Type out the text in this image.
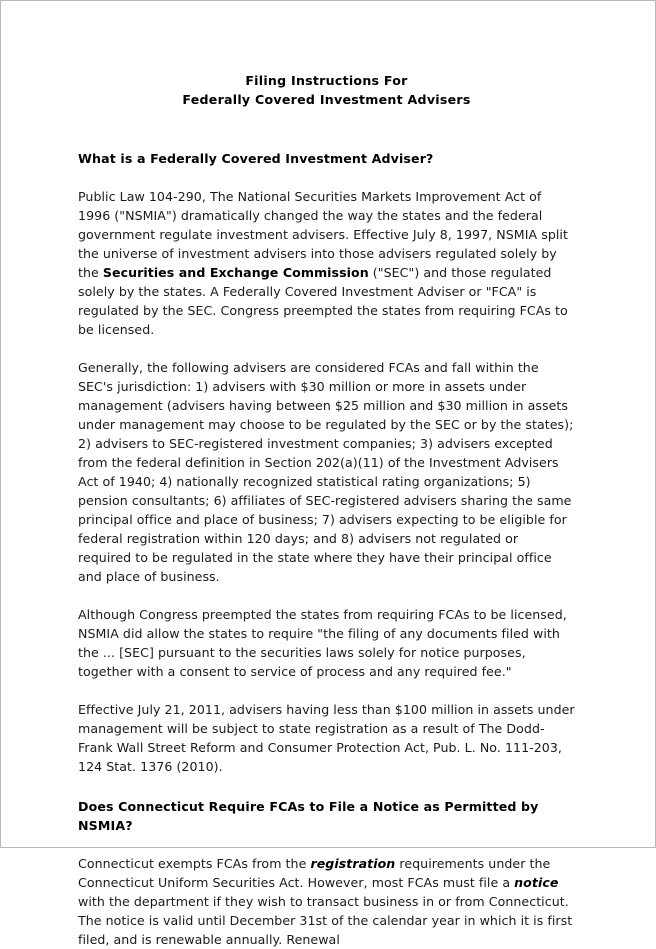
Filing Instructions For
Federally Covered Investment Advisers
What is a Federally Covered Investment Adviser?

Public Law 104-290, The National Securities Markets Improvement Act of 1996 ("NSMIA") dramatically changed the way the states and the federal government regulate investment advisers. Effective July 8, 1997, NSMIA split the universe of investment advisers into those advisers regulated solely by the Securities and Exchange Commission ("SEC") and those regulated solely by the states. A Federally Covered Investment Adviser or "FCA" is regulated by the SEC. Congress preempted the states from requiring FCAs to be licensed.

Generally, the following advisers are considered FCAs and fall within the SEC's jurisdiction: 1) advisers with $30 million or more in assets under management (advisers having between $25 million and $30 million in assets under management may choose to be regulated by the SEC or by the states); 2) advisers to SEC-registered investment companies; 3) advisers excepted from the federal definition in Section 202(a)(11) of the Investment Advisers Act of 1940; 4) nationally recognized statistical rating organizations; 5) pension consultants; 6) affiliates of SEC-registered advisers sharing the same principal office and place of business; 7) advisers expecting to be eligible for federal registration within 120 days; and 8) advisers not regulated or required to be regulated in the state where they have their principal office and place of business.

Although Congress preempted the states from requiring FCAs to be licensed, NSMIA did allow the states to require "the filing of any documents filed with the ... [SEC] pursuant to the securities laws solely for notice purposes, together with a consent to service of process and any required fee."

Effective July 21, 2011, advisers having less than $100 million in assets under management will be subject to state registration as a result of The Dodd-Frank Wall Street Reform and Consumer Protection Act, Pub. L. No. 111-203, 124 Stat. 1376 (2010).

Does Connecticut Require FCAs to File a Notice as Permitted by NSMIA?

Connecticut exempts FCAs from the registration requirements under the Connecticut Uniform Securities Act. However, most FCAs must file a notice with the department if they wish to transact business in or from Connecticut. The notice is valid until December 31st of the calendar year in which it is first filed, and is renewable annually. Renewal
